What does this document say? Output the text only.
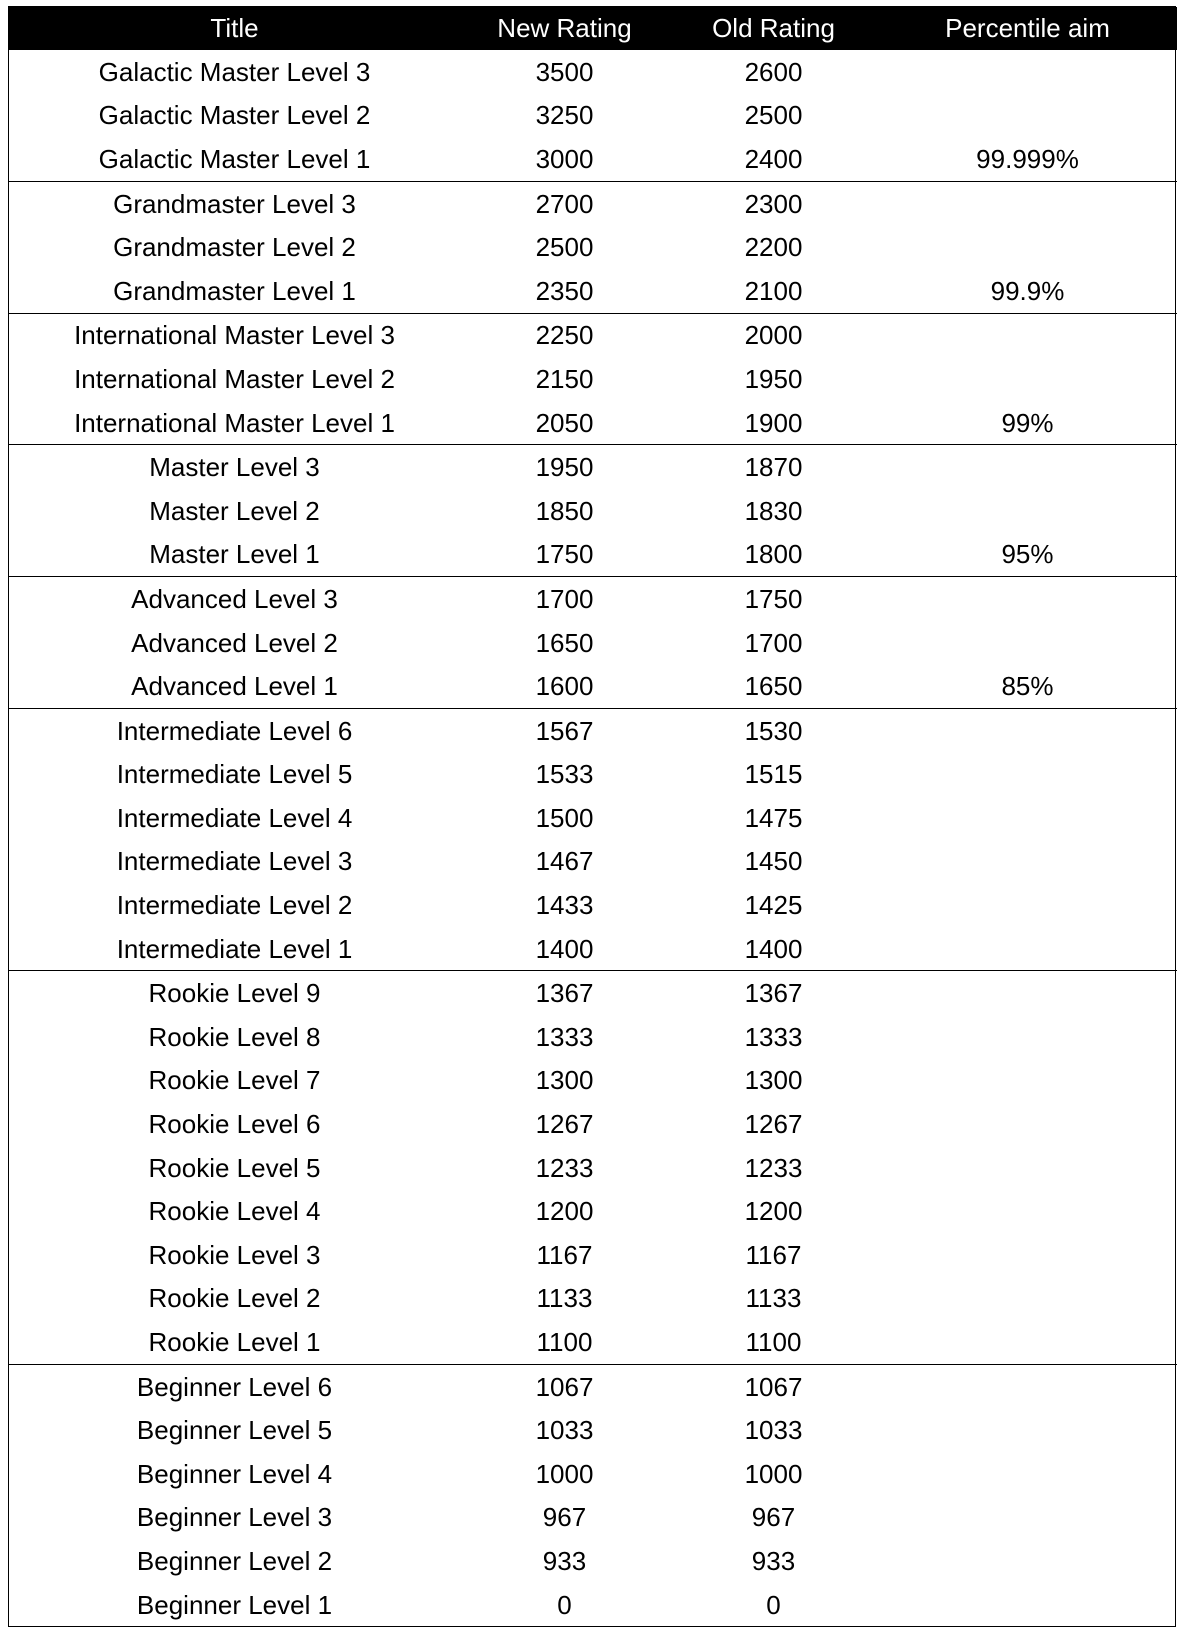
Title	New Rating	Old Rating	Percentile aim
Galactic Master Level 3	3500	2600	
Galactic Master Level 2	3250	2500	
Galactic Master Level 1	3000	2400	99.999%
Grandmaster Level 3	2700	2300	
Grandmaster Level 2	2500	2200	
Grandmaster Level 1	2350	2100	99.9%
International Master Level 3	2250	2000	
International Master Level 2	2150	1950	
International Master Level 1	2050	1900	99%
Master Level 3	1950	1870	
Master Level 2	1850	1830	
Master Level 1	1750	1800	95%
Advanced Level 3	1700	1750	
Advanced Level 2	1650	1700	
Advanced Level 1	1600	1650	85%
Intermediate Level 6	1567	1530	
Intermediate Level 5	1533	1515	
Intermediate Level 4	1500	1475	
Intermediate Level 3	1467	1450	
Intermediate Level 2	1433	1425	
Intermediate Level 1	1400	1400	
Rookie Level 9	1367	1367	
Rookie Level 8	1333	1333	
Rookie Level 7	1300	1300	
Rookie Level 6	1267	1267	
Rookie Level 5	1233	1233	
Rookie Level 4	1200	1200	
Rookie Level 3	1167	1167	
Rookie Level 2	1133	1133	
Rookie Level 1	1100	1100	
Beginner Level 6	1067	1067	
Beginner Level 5	1033	1033	
Beginner Level 4	1000	1000	
Beginner Level 3	967	967	
Beginner Level 2	933	933	
Beginner Level 1	0	0	
